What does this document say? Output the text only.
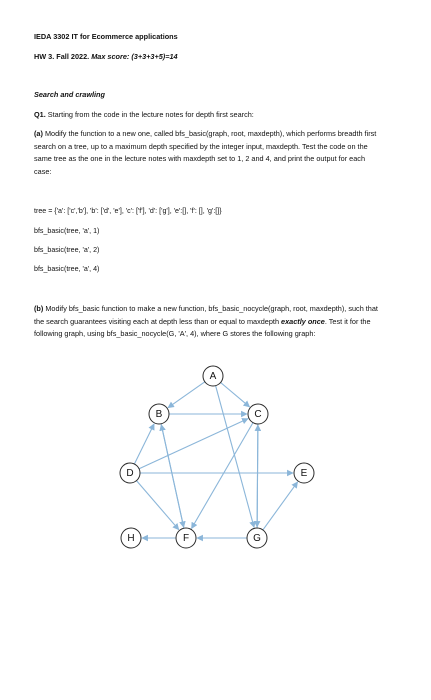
IEDA 3302 IT for Ecommerce applications

HW 3. Fall 2022. Max score: (3+3+3+5)=14

Search and crawling

Q1. Starting from the code in the lecture notes for depth first search:

(a) Modify the function to a new one, called bfs_basic(graph, root, maxdepth), which performs breadth first search on a tree, up to a maximum depth specified by the integer input, maxdepth. Test the code on the same tree as the one in the lecture notes with maxdepth set to 1, 2 and 4, and print the output for each case:

tree = {'a': ['c','b'], 'b': ['d', 'e'], 'c': ['f'], 'd': ['g'], 'e':[], 'f': [], 'g':[]}

bfs_basic(tree, 'a', 1)

bfs_basic(tree, 'a', 2)

bfs_basic(tree, 'a', 4)

(b) Modify bfs_basic function to make a new function, bfs_basic_nocycle(graph, root, maxdepth), such that the search guarantees visiting each at depth less than or equal to maxdepth exactly once. Test it for the following graph, using bfs_basic_nocycle(G, 'A', 4), where G stores the following graph:

A
B	C
D	E
H	F	G
